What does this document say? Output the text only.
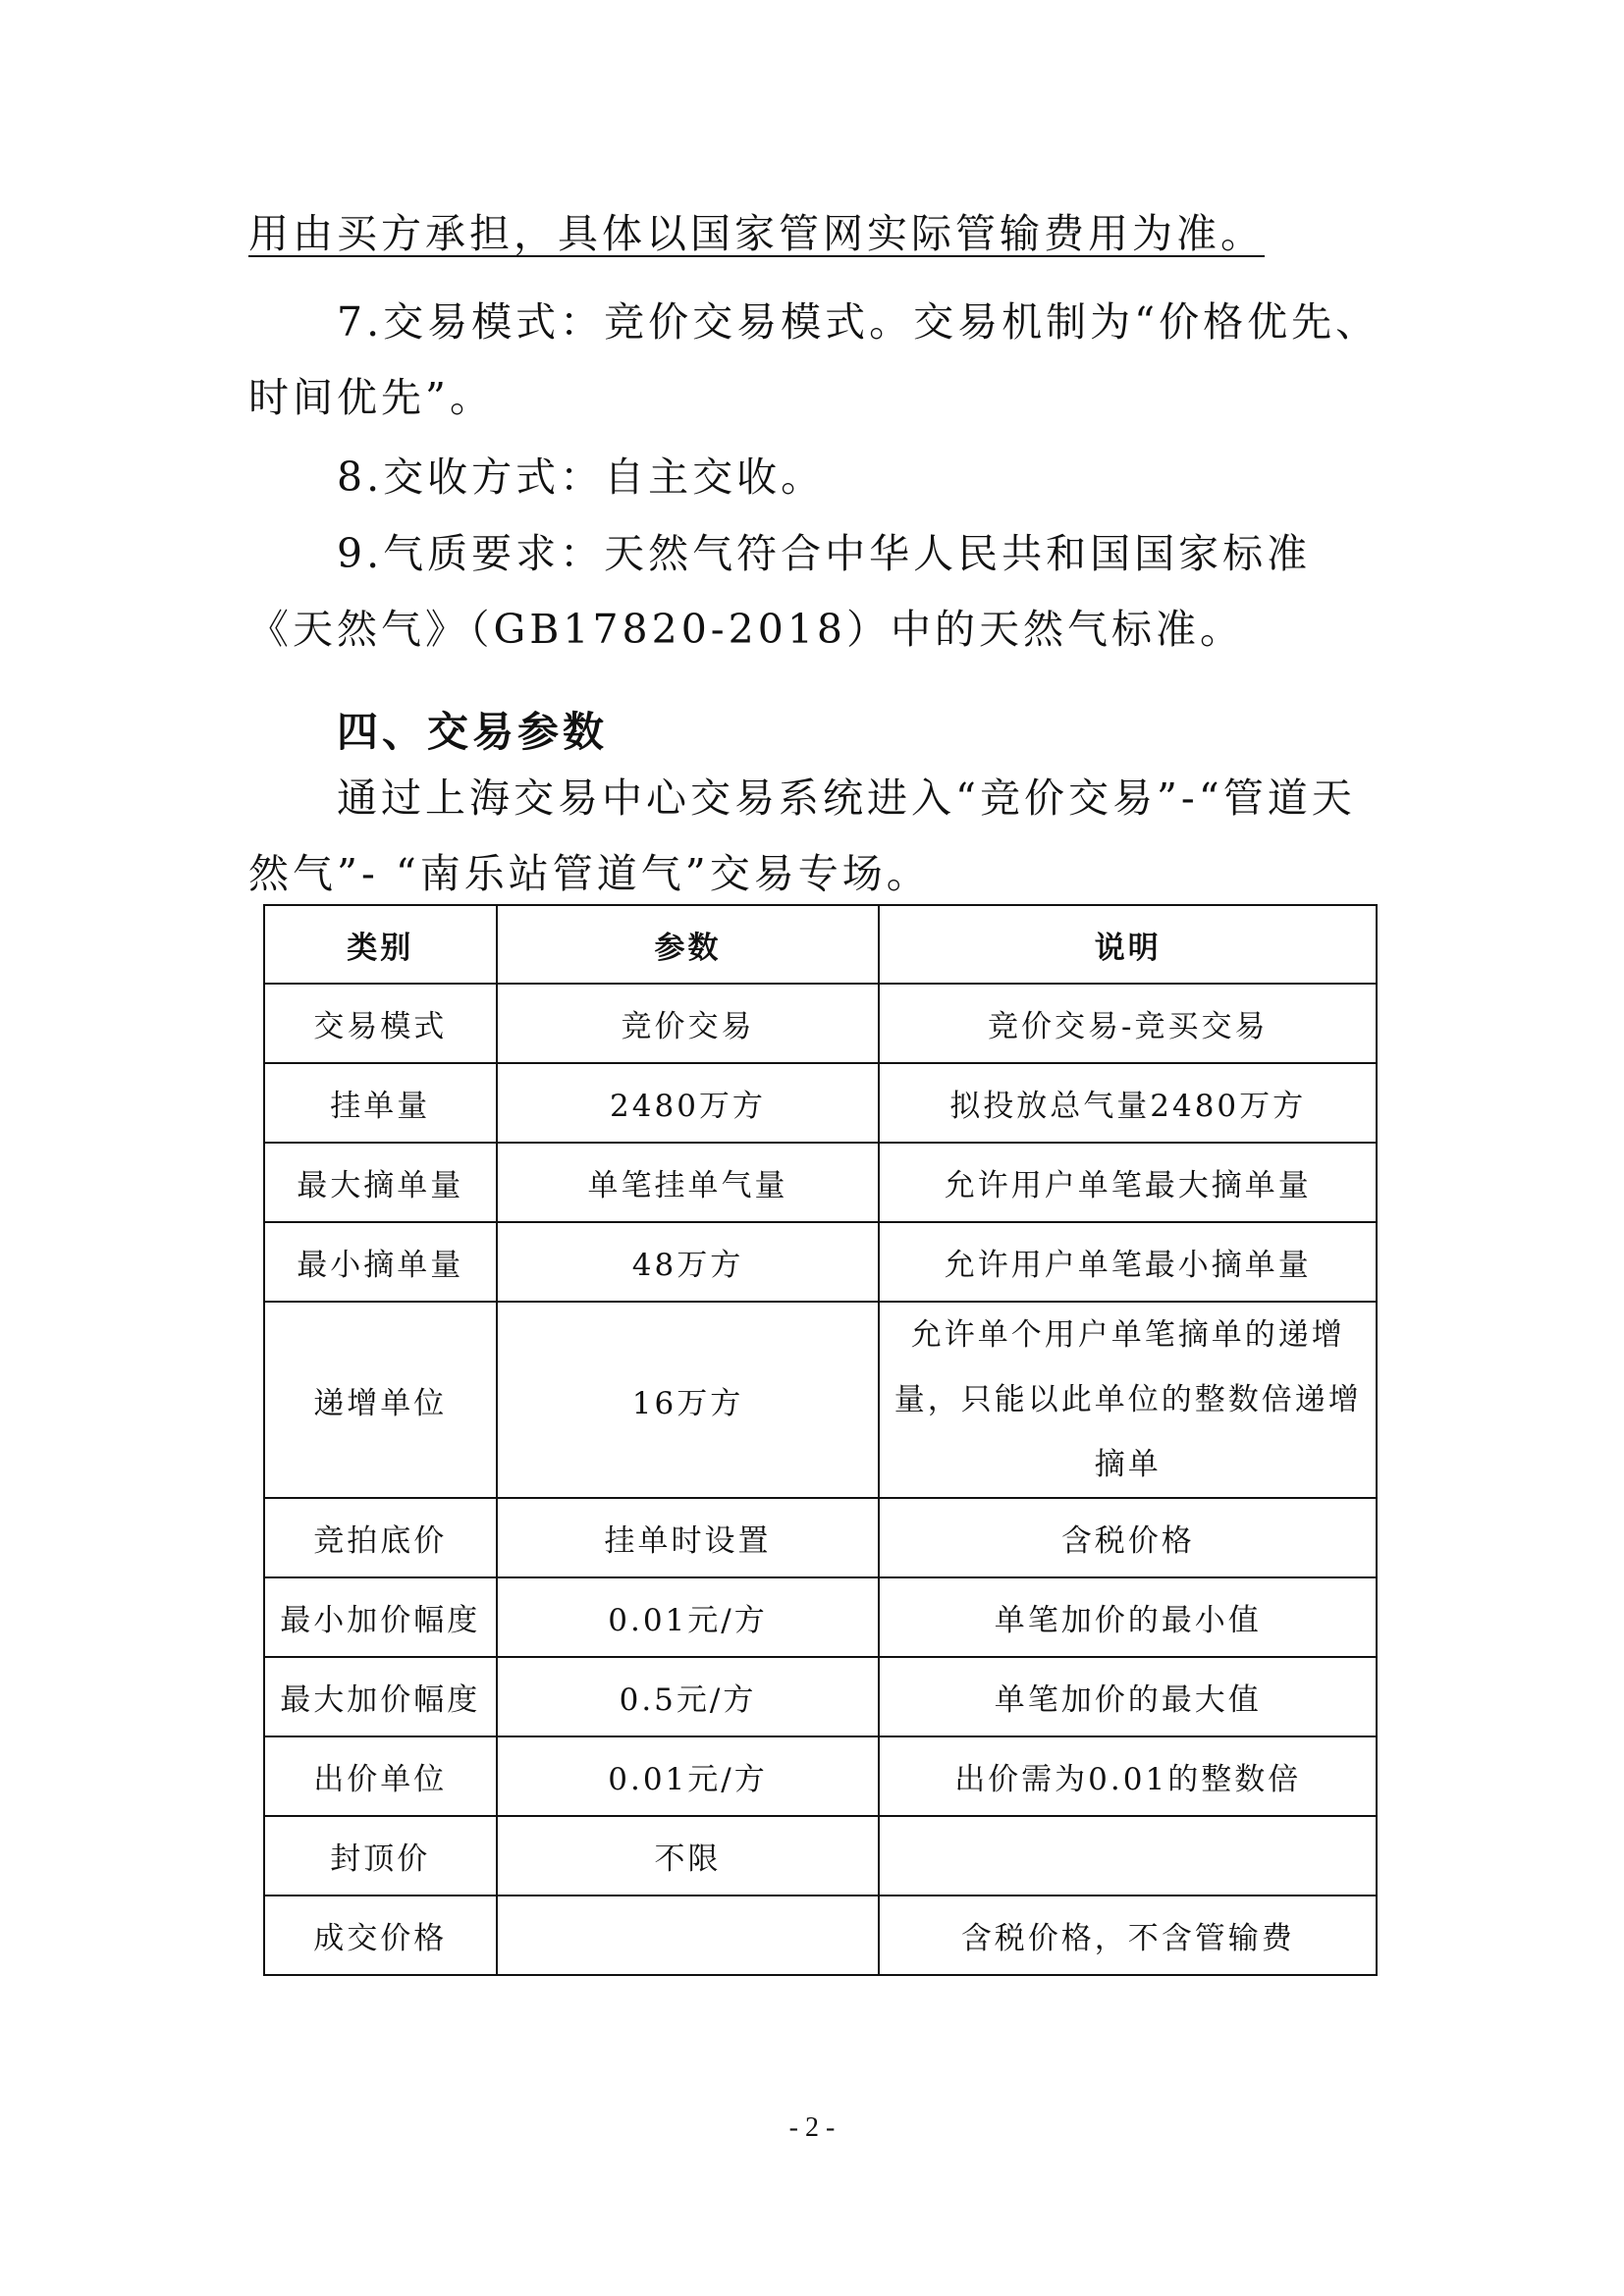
用由买方承担，具体以国家管网实际管输费用为准。

7.交易模式：竞价交易模式。交易机制为“价格优先、时间优先”。

8.交收方式：自主交收。

9.气质要求：天然气符合中华人民共和国国家标准《天然气》（GB17820-2018）中的天然气标准。

四、交易参数

通过上海交易中心交易系统进入“竞价交易”-“管道天然气”- “南乐站管道气”交易专场。

类别	参数	说明
交易模式	竞价交易	竞价交易-竞买交易
挂单量	2480万方	拟投放总气量2480万方
最大摘单量	单笔挂单气量	允许用户单笔最大摘单量
最小摘单量	48万方	允许用户单笔最小摘单量
递增单位	16万方	允许单个用户单笔摘单的递增量，只能以此单位的整数倍递增摘单
竞拍底价	挂单时设置	含税价格
最小加价幅度	0.01元/方	单笔加价的最小值
最大加价幅度	0.5元/方	单笔加价的最大值
出价单位	0.01元/方	出价需为0.01的整数倍
封顶价	不限	
成交价格		含税价格，不含管输费
- 2 -
